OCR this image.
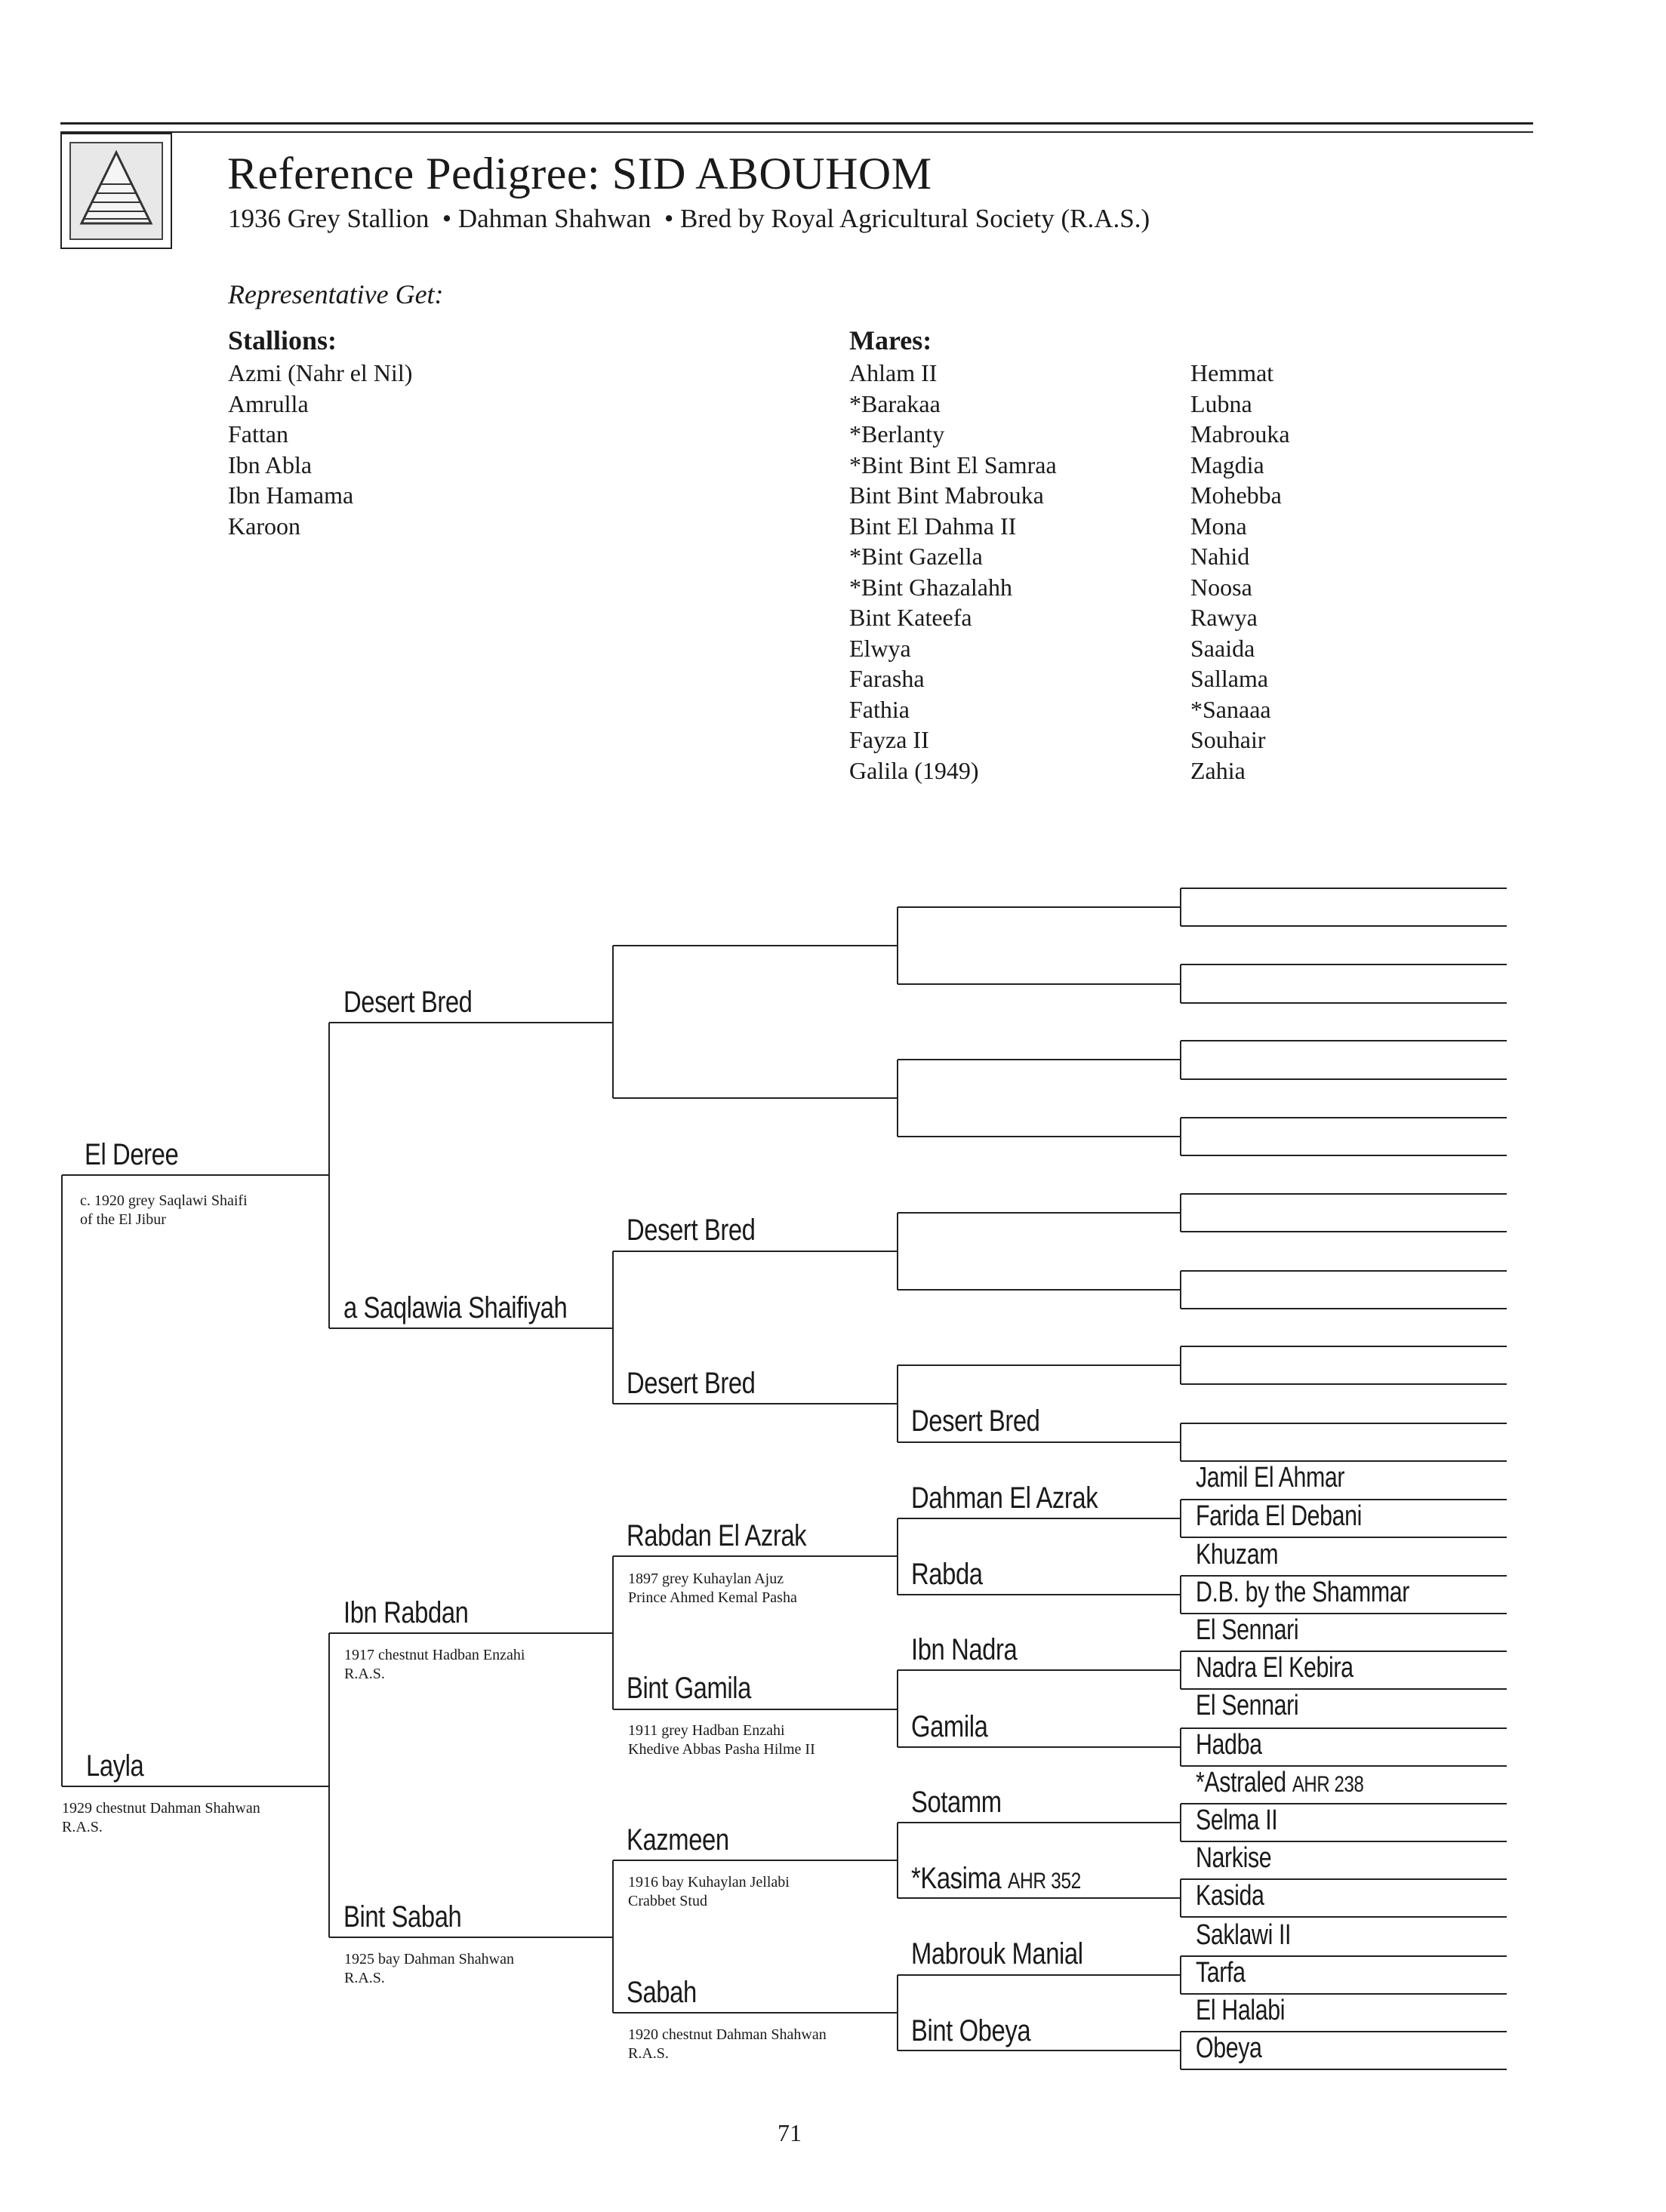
Reference Pedigree: SID ABOUHOM
1936 Grey Stallion  • Dahman Shahwan  • Bred by Royal Agricultural Society (R.A.S.)
Representative Get:
Stallions:
Azmi (Nahr el Nil)
Amrulla
Fattan
Ibn Abla
Ibn Hamama
Karoon
Mares:
Ahlam II
*Barakaa
*Berlanty
*Bint Bint El Samraa
Bint Bint Mabrouka
Bint El Dahma II
*Bint Gazella
*Bint Ghazalahh
Bint Kateefa
Elwya
Farasha
Fathia
Fayza II
Galila (1949)
Hemmat
Lubna
Mabrouka
Magdia
Mohebba
Mona
Nahid
Noosa
Rawya
Saaida
Sallama
*Sanaaa
Souhair
Zahia
El Deree
c. 1920 grey Saqlawi Shaifi
of the El Jibur
Layla
1929 chestnut Dahman Shahwan
R.A.S.
Desert Bred
a Saqlawia Shaifiyah
Ibn Rabdan
1917 chestnut Hadban Enzahi
R.A.S.
Bint Sabah
1925 bay Dahman Shahwan
R.A.S.
Desert Bred
Desert Bred
Rabdan El Azrak
1897 grey Kuhaylan Ajuz
Prince Ahmed Kemal Pasha
Bint Gamila
1911 grey Hadban Enzahi
Khedive Abbas Pasha Hilme II
Kazmeen
1916 bay Kuhaylan Jellabi
Crabbet Stud
Sabah
1920 chestnut Dahman Shahwan
R.A.S.
Desert Bred
Dahman El Azrak
Rabda
Ibn Nadra
Gamila
Sotamm
*Kasima AHR 352
Mabrouk Manial
Bint Obeya
Jamil El Ahmar
Farida El Debani
Khuzam
D.B. by the Shammar
El Sennari
Nadra El Kebira
El Sennari
Hadba
*Astraled AHR 238
Selma II
Narkise
Kasida
Saklawi II
Tarfa
El Halabi
Obeya
71
